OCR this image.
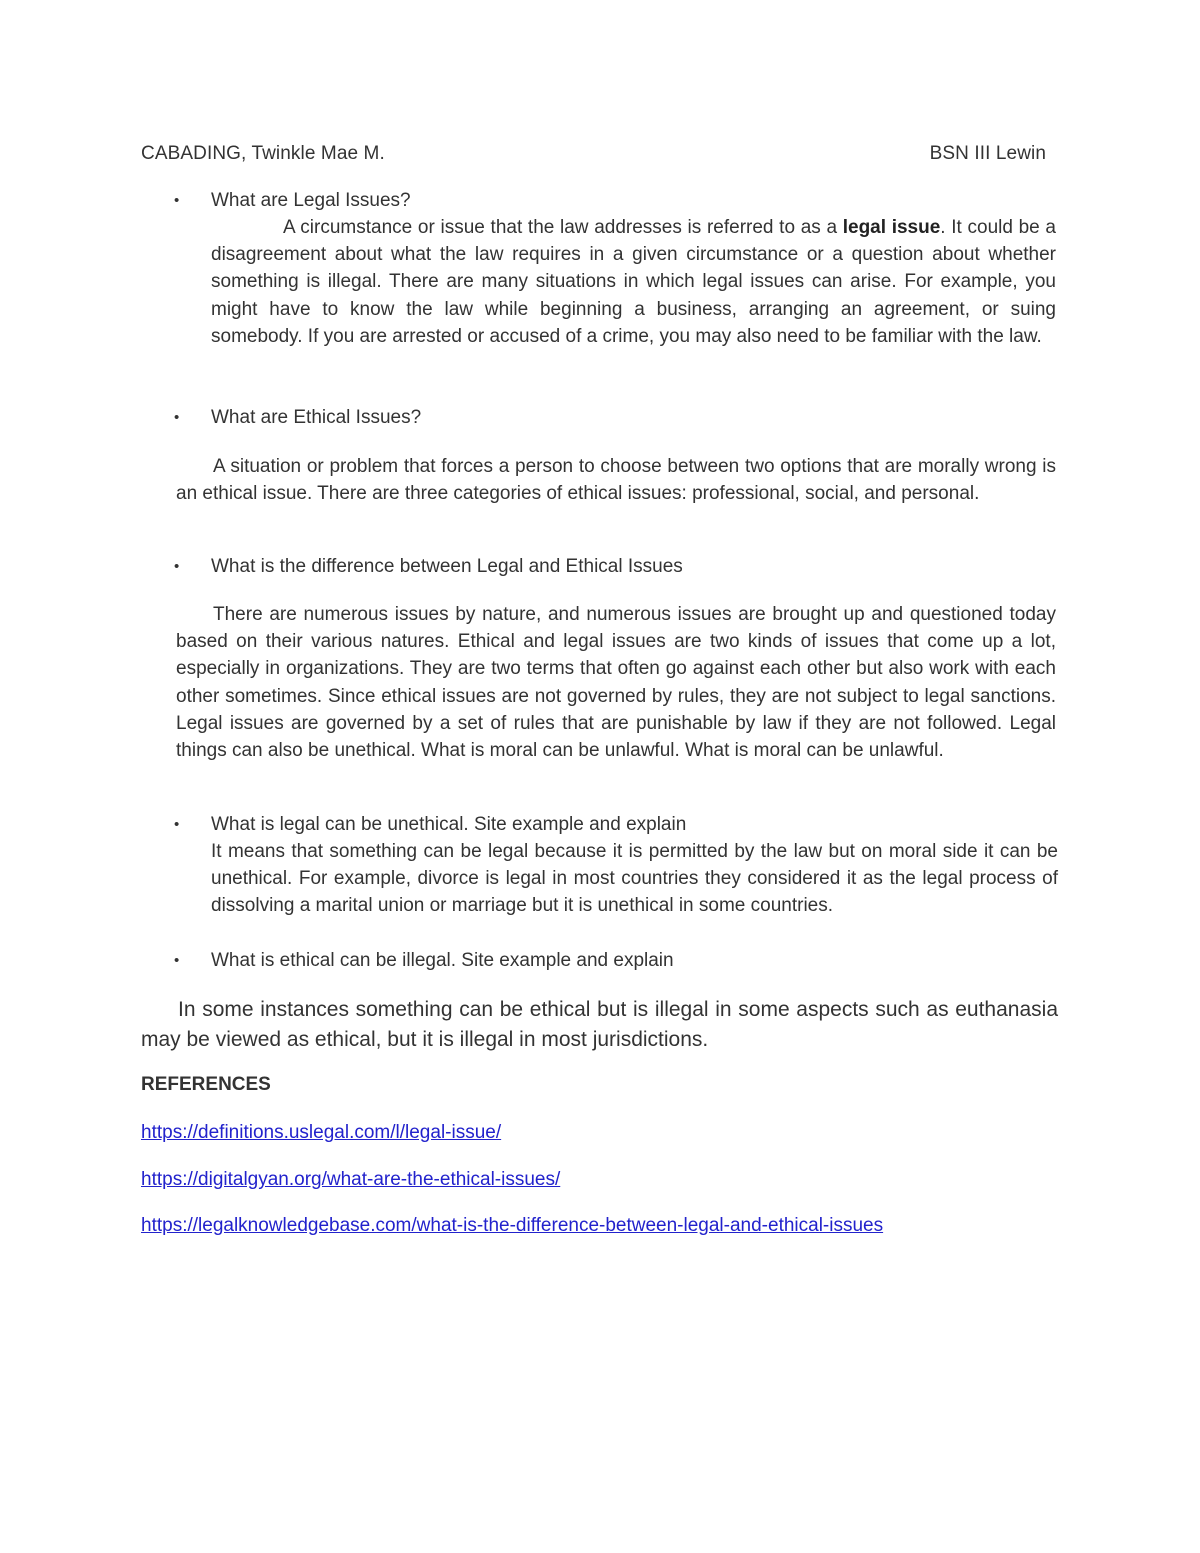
CABADING, Twinkle Mae M.	BSN III Lewin
•	What are Legal Issues?
A circumstance or issue that the law addresses is referred to as a legal issue. It could be a disagreement about what the law requires in a given circumstance or a question about whether something is illegal. There are many situations in which legal issues can arise. For example, you might have to know the law while beginning a business, arranging an agreement, or suing somebody. If you are arrested or accused of a crime, you may also need to be familiar with the law.
•	What are Ethical Issues?
A situation or problem that forces a person to choose between two options that are morally wrong is an ethical issue. There are three categories of ethical issues: professional, social, and personal.
•	What is the difference between Legal and Ethical Issues
There are numerous issues by nature, and numerous issues are brought up and questioned today based on their various natures. Ethical and legal issues are two kinds of issues that come up a lot, especially in organizations. They are two terms that often go against each other but also work with each other sometimes. Since ethical issues are not governed by rules, they are not subject to legal sanctions. Legal issues are governed by a set of rules that are punishable by law if they are not followed. Legal things can also be unethical. What is moral can be unlawful. What is moral can be unlawful.
•	What is legal can be unethical. Site example and explain
It means that something can be legal because it is permitted by the law but on moral side it can be unethical. For example, divorce is legal in most countries they considered it as the legal process of dissolving a marital union or marriage but it is unethical in some countries.
•	What is ethical can be illegal. Site example and explain
In some instances something can be ethical but is illegal in some aspects such as euthanasia may be viewed as ethical, but it is illegal in most jurisdictions.
REFERENCES
https://definitions.uslegal.com/l/legal-issue/
https://digitalgyan.org/what-are-the-ethical-issues/
https://legalknowledgebase.com/what-is-the-difference-between-legal-and-ethical-issues
